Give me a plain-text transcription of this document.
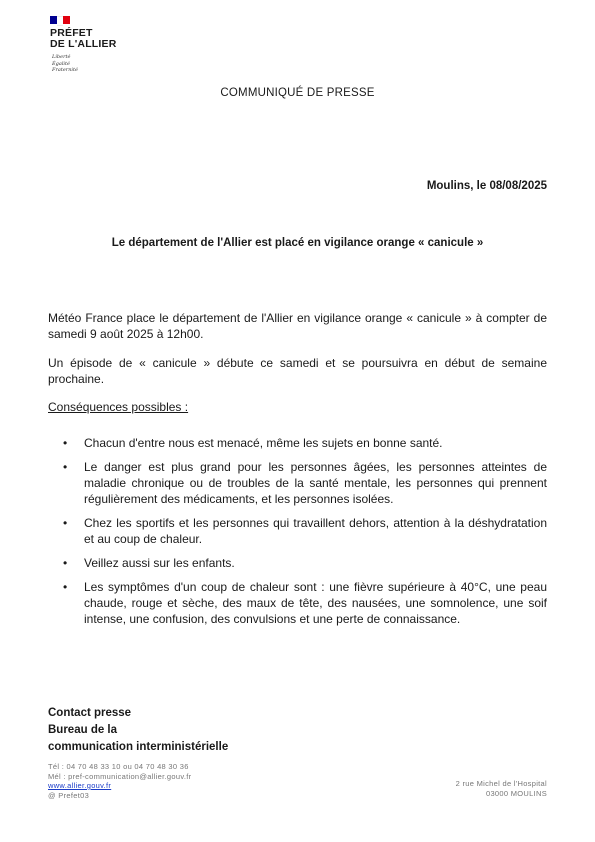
PRÉFET
DE L'ALLIER
Liberté
Égalité
Fraternité
COMMUNIQUÉ DE PRESSE
Moulins, le 08/08/2025
Le département de l'Allier est placé en vigilance orange « canicule »
Météo France place le département de l'Allier en vigilance orange « canicule » à compter de samedi 9 août 2025 à 12h00.
Un épisode de « canicule » débute ce samedi et se poursuivra en début de semaine prochaine.
Conséquences possibles :
• Chacun d'entre nous est menacé, même les sujets en bonne santé.
• Le danger est plus grand pour les personnes âgées, les personnes atteintes de maladie chronique ou de troubles de la santé mentale, les personnes qui prennent régulièrement des médicaments, et les personnes isolées.
• Chez les sportifs et les personnes qui travaillent dehors, attention à la déshydratation et au coup de chaleur.
• Veillez aussi sur les enfants.
• Les symptômes d'un coup de chaleur sont : une fièvre supérieure à 40°C, une peau chaude, rouge et sèche, des maux de tête, des nausées, une somnolence, une soif intense, une confusion, des convulsions et une perte de connaissance.
Contact presse
Bureau de la
communication interministérielle
Tél : 04 70 48 33 10 ou 04 70 48 30 36
Mél : pref-communication@allier.gouv.fr
www.allier.gouv.fr
@ Prefet03
2 rue Michel de l'Hospital
03000 MOULINS
